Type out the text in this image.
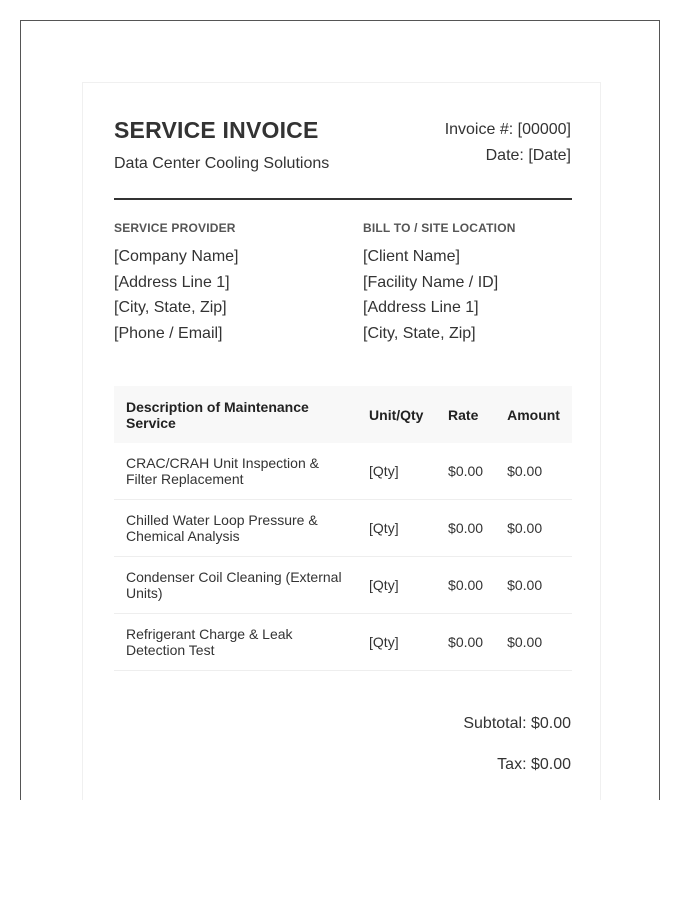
SERVICE INVOICE
Data Center Cooling Solutions
Invoice #: [00000]
Date: [Date]
SERVICE PROVIDER
[Company Name]
[Address Line 1]
[City, State, Zip]
[Phone / Email]
BILL TO / SITE LOCATION
[Client Name]
[Facility Name / ID]
[Address Line 1]
[City, State, Zip]
Description of Maintenance Service	Unit/Qty	Rate	Amount
CRAC/CRAH Unit Inspection & Filter Replacement	[Qty]	$0.00	$0.00
Chilled Water Loop Pressure & Chemical Analysis	[Qty]	$0.00	$0.00
Condenser Coil Cleaning (External Units)	[Qty]	$0.00	$0.00
Refrigerant Charge & Leak Detection Test	[Qty]	$0.00	$0.00
Subtotal: $0.00
Tax: $0.00
